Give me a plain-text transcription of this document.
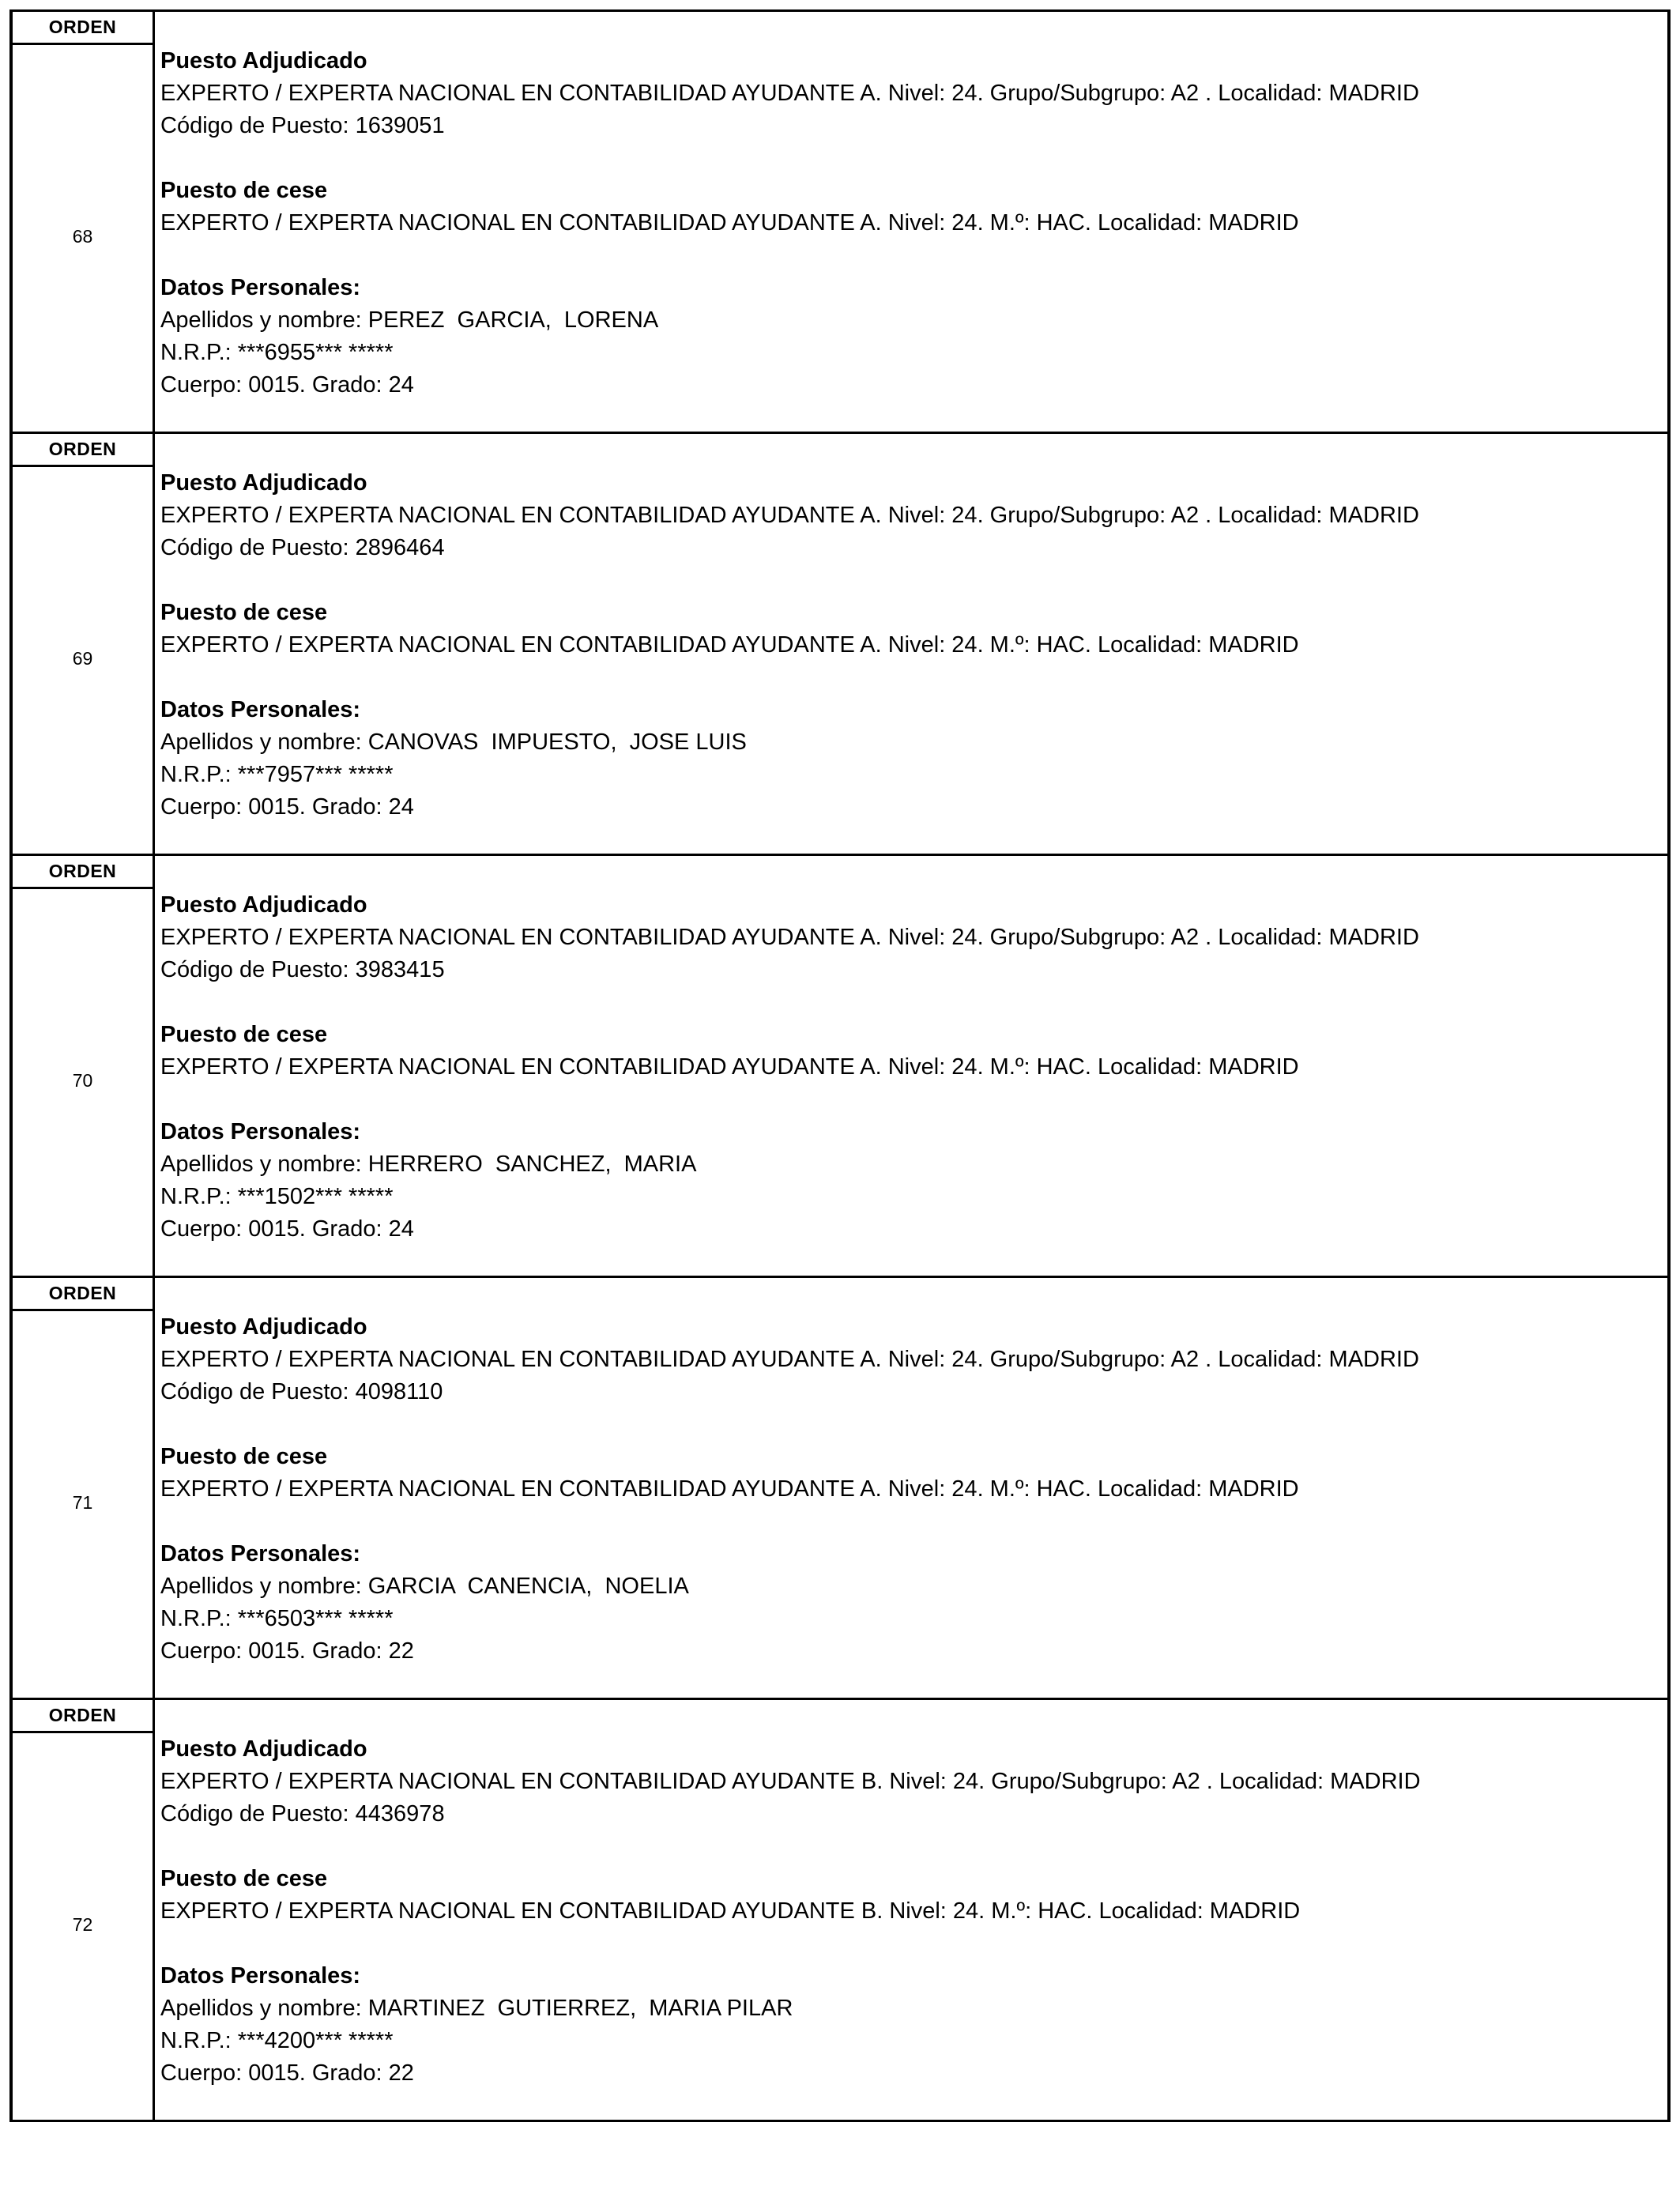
ORDEN
68
Puesto Adjudicado
EXPERTO / EXPERTA NACIONAL EN CONTABILIDAD AYUDANTE A. Nivel: 24. Grupo/Subgrupo: A2 . Localidad: MADRID
Código de Puesto: 1639051
Puesto de cese
EXPERTO / EXPERTA NACIONAL EN CONTABILIDAD AYUDANTE A. Nivel: 24. M.º: HAC. Localidad: MADRID
Datos Personales:
Apellidos y nombre: PEREZ  GARCIA,  LORENA
N.R.P.: ***6955*** *****
Cuerpo: 0015. Grado: 24
ORDEN
69
Puesto Adjudicado
EXPERTO / EXPERTA NACIONAL EN CONTABILIDAD AYUDANTE A. Nivel: 24. Grupo/Subgrupo: A2 . Localidad: MADRID
Código de Puesto: 2896464
Puesto de cese
EXPERTO / EXPERTA NACIONAL EN CONTABILIDAD AYUDANTE A. Nivel: 24. M.º: HAC. Localidad: MADRID
Datos Personales:
Apellidos y nombre: CANOVAS  IMPUESTO,  JOSE LUIS
N.R.P.: ***7957*** *****
Cuerpo: 0015. Grado: 24
ORDEN
70
Puesto Adjudicado
EXPERTO / EXPERTA NACIONAL EN CONTABILIDAD AYUDANTE A. Nivel: 24. Grupo/Subgrupo: A2 . Localidad: MADRID
Código de Puesto: 3983415
Puesto de cese
EXPERTO / EXPERTA NACIONAL EN CONTABILIDAD AYUDANTE A. Nivel: 24. M.º: HAC. Localidad: MADRID
Datos Personales:
Apellidos y nombre: HERRERO  SANCHEZ,  MARIA
N.R.P.: ***1502*** *****
Cuerpo: 0015. Grado: 24
ORDEN
71
Puesto Adjudicado
EXPERTO / EXPERTA NACIONAL EN CONTABILIDAD AYUDANTE A. Nivel: 24. Grupo/Subgrupo: A2 . Localidad: MADRID
Código de Puesto: 4098110
Puesto de cese
EXPERTO / EXPERTA NACIONAL EN CONTABILIDAD AYUDANTE A. Nivel: 24. M.º: HAC. Localidad: MADRID
Datos Personales:
Apellidos y nombre: GARCIA  CANENCIA,  NOELIA
N.R.P.: ***6503*** *****
Cuerpo: 0015. Grado: 22
ORDEN
72
Puesto Adjudicado
EXPERTO / EXPERTA NACIONAL EN CONTABILIDAD AYUDANTE B. Nivel: 24. Grupo/Subgrupo: A2 . Localidad: MADRID
Código de Puesto: 4436978
Puesto de cese
EXPERTO / EXPERTA NACIONAL EN CONTABILIDAD AYUDANTE B. Nivel: 24. M.º: HAC. Localidad: MADRID
Datos Personales:
Apellidos y nombre: MARTINEZ  GUTIERREZ,  MARIA PILAR
N.R.P.: ***4200*** *****
Cuerpo: 0015. Grado: 22
